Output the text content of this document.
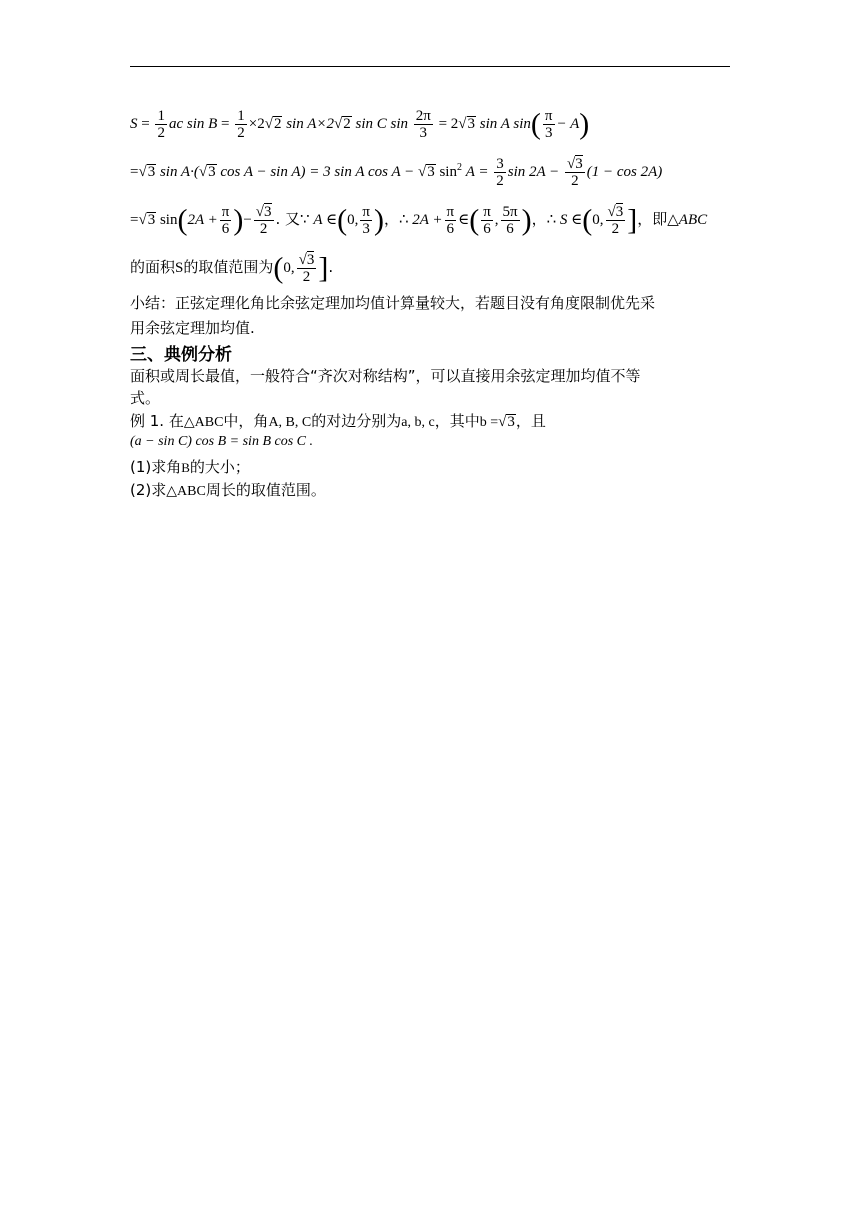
$S = \frac{1}{2}$ ac $\sin B = \frac{1}{2} \times 2√2$ sin A×2√2 sin C $\sin \frac{2\pi}{3} = 2√3$ sin A $\sin( \frac{\pi}{3} - A)$
=√3 sin A·(√3 cos A − sin A) = 3 sin A cos A − √3 $\sin^2 A = \frac{3}{2}$ $\sin 2A - \frac{√3}{2} (1 - \cos 2A)$
=√3 $\sin(2A + \frac{\pi}{6}$ )− $\frac{√3}{2}$ . 又∵ A ∈(0, $\frac{\pi}{3}$ )，∴ $2A + \frac{\pi}{6}$ ∈( $\frac{\pi}{6}$ , $\frac{5\pi}{6}$ )，∴ S ∈(0, $\frac{√3}{2}$ ]，即△ABC
的面积S的取值范围为(0, $\frac{√3}{2}$ ].
小结：正弦定理化角比余弦定理加均值计算量较大，若题目没有角度限制优先采
用余弦定理加均值.
三、典例分析
面积或周长最值，一般符合“齐次对称结构”，可以直接用余弦定理加均值不等
式。
例 1. 在△ABC中，角A, B, C的对边分别为a, b, c，其中b =√3，且
(a − sin C) cos B = sin B cos C .
(1)求角B的大小；
(2)求△ABC周长的取值范围。
